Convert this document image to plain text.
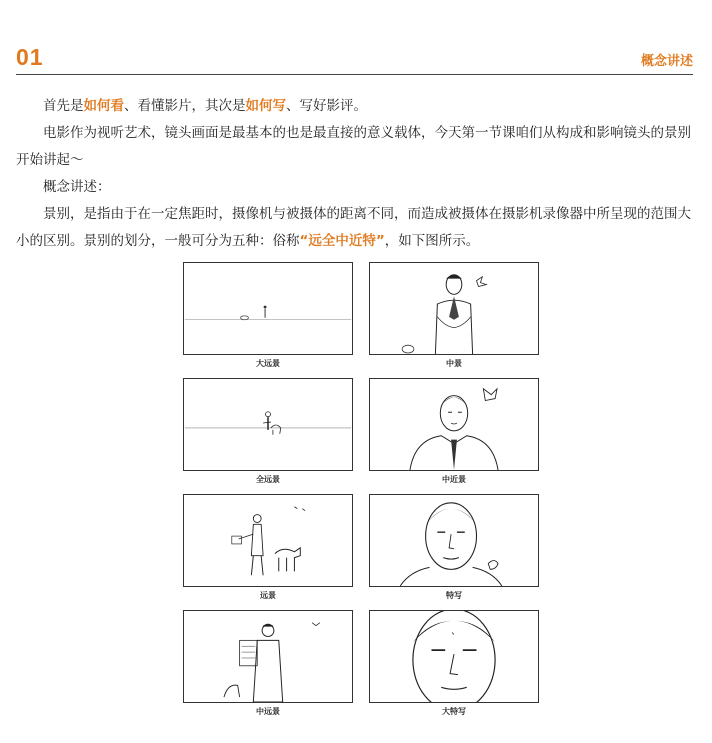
01	概念讲述

首先是如何看、看懂影片，其次是如何写、写好影评。

电影作为视听艺术，镜头画面是最基本的也是最直接的意义载体，今天第一节课咱们从构成和影响镜头的景别开始讲起～

概念讲述：

景别，是指由于在一定焦距时，摄像机与被摄体的距离不同，而造成被摄体在摄影机录像器中所呈现的范围大小的区别。景别的划分，一般可分为五种：俗称“远全中近特”，如下图所示。

大远景	中景
全远景	中近景
远景	特写
中远景	大特写
